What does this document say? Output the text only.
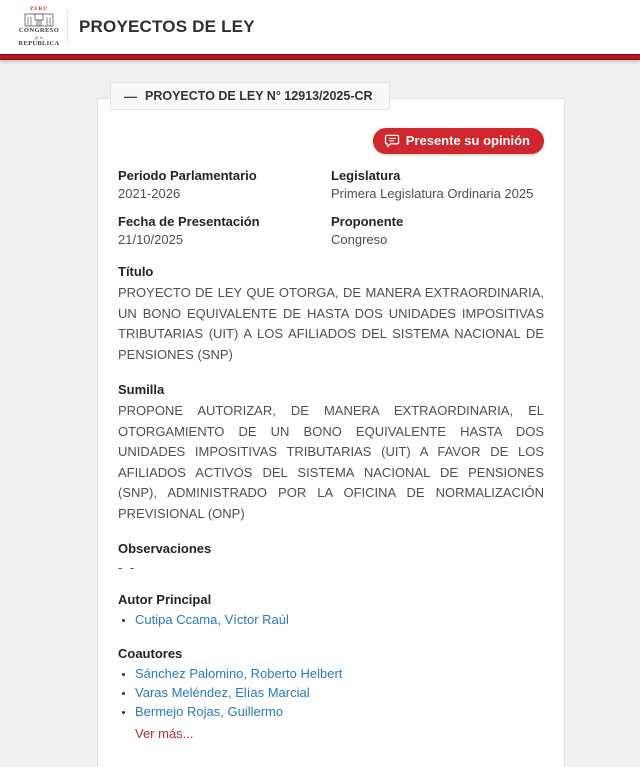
PERÚ
CONGRESO
de la
REPÚBLICA
PROYECTOS DE LEY
— PROYECTO DE LEY N° 12913/2025-CR
Presente su opinión
Periodo Parlamentario
2021-2026
Legislatura
Primera Legislatura Ordinaria 2025
Fecha de Presentación
21/10/2025
Proponente
Congreso
Título
PROYECTO DE LEY QUE OTORGA, DE MANERA EXTRAORDINARIA, UN BONO EQUIVALENTE DE HASTA DOS UNIDADES IMPOSITIVAS TRIBUTARIAS (UIT) A LOS AFILIADOS DEL SISTEMA NACIONAL DE PENSIONES (SNP)
Sumilla
PROPONE AUTORIZAR, DE MANERA EXTRAORDINARIA, EL OTORGAMIENTO DE UN BONO EQUIVALENTE HASTA DOS UNIDADES IMPOSITIVAS TRIBUTARIAS (UIT) A FAVOR DE LOS AFILIADOS ACTIVOS DEL SISTEMA NACIONAL DE PENSIONES (SNP), ADMINISTRADO POR LA OFICINA DE NORMALIZACIÓN PREVISIONAL (ONP)
Observaciones
- -
Autor Principal
• Cutipa Ccama, Víctor Raúl
Coautores
• Sánchez Palomino, Roberto Helbert
• Varas Meléndez, Elías Marcial
• Bermejo Rojas, Guillermo
Ver más...
